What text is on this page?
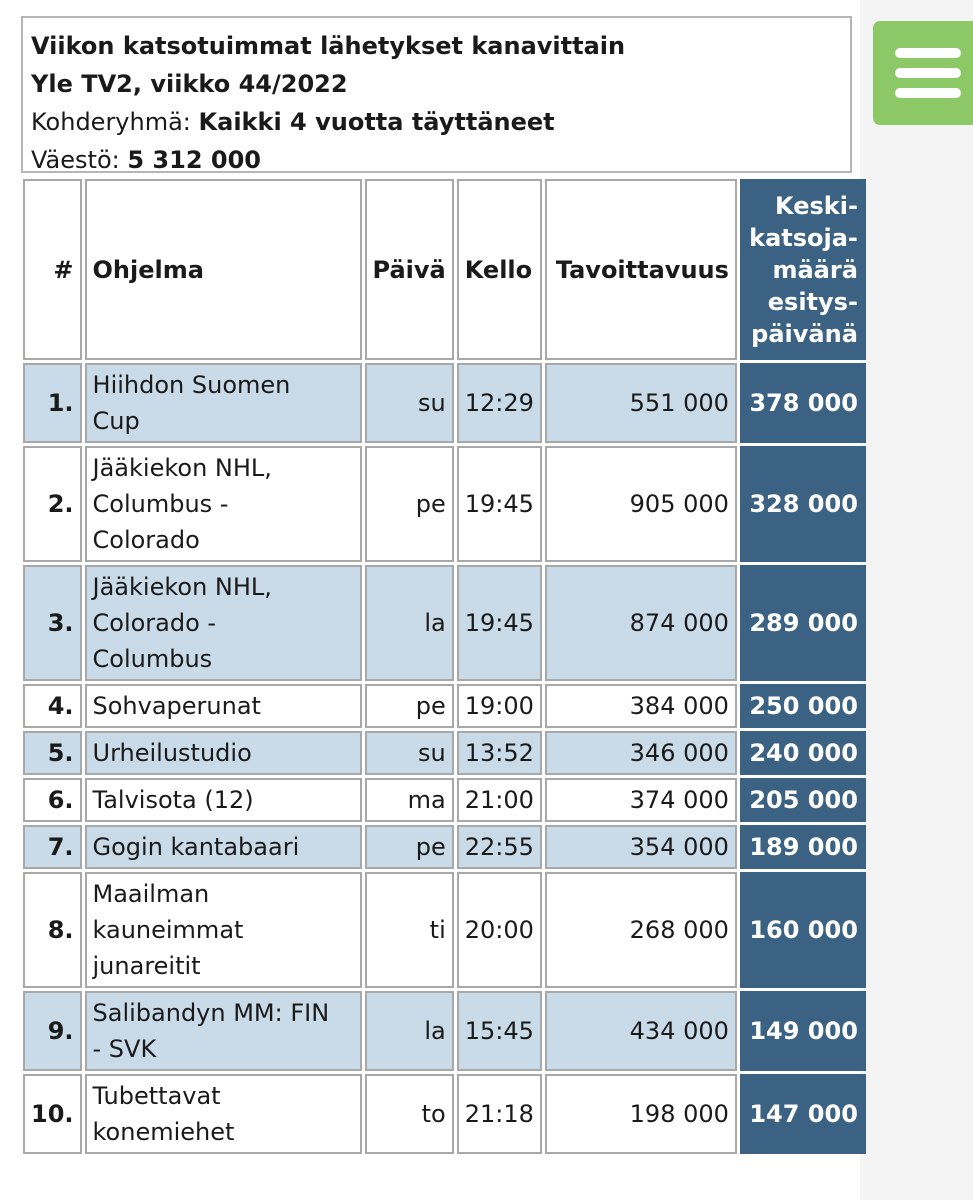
Viikon katsotuimmat lähetykset kanavittain
Yle TV2, viikko 44/2022
Kohderyhmä: Kaikki 4 vuotta täyttäneet
Väestö: 5 312 000
#	Ohjelma	Päivä	Kello	Tavoittavuus	Keski-
katsoja-
määrä
esitys-
päivänä

1.	Hiihdon Suomen
Cup	su	12:29	551 000	378 000
2.	Jääkiekon NHL,
Columbus -
Colorado	pe	19:45	905 000	328 000
3.	Jääkiekon NHL,
Colorado -
Columbus	la	19:45	874 000	289 000
4.	Sohvaperunat	pe	19:00	384 000	250 000
5.	Urheilustudio	su	13:52	346 000	240 000
6.	Talvisota (12)	ma	21:00	374 000	205 000
7.	Gogin kantabaari	pe	22:55	354 000	189 000
8.	Maailman
kauneimmat
junareitit	ti	20:00	268 000	160 000
9.	Salibandyn MM: FIN
- SVK	la	15:45	434 000	149 000
10.	Tubettavat
konemiehet	to	21:18	198 000	147 000
